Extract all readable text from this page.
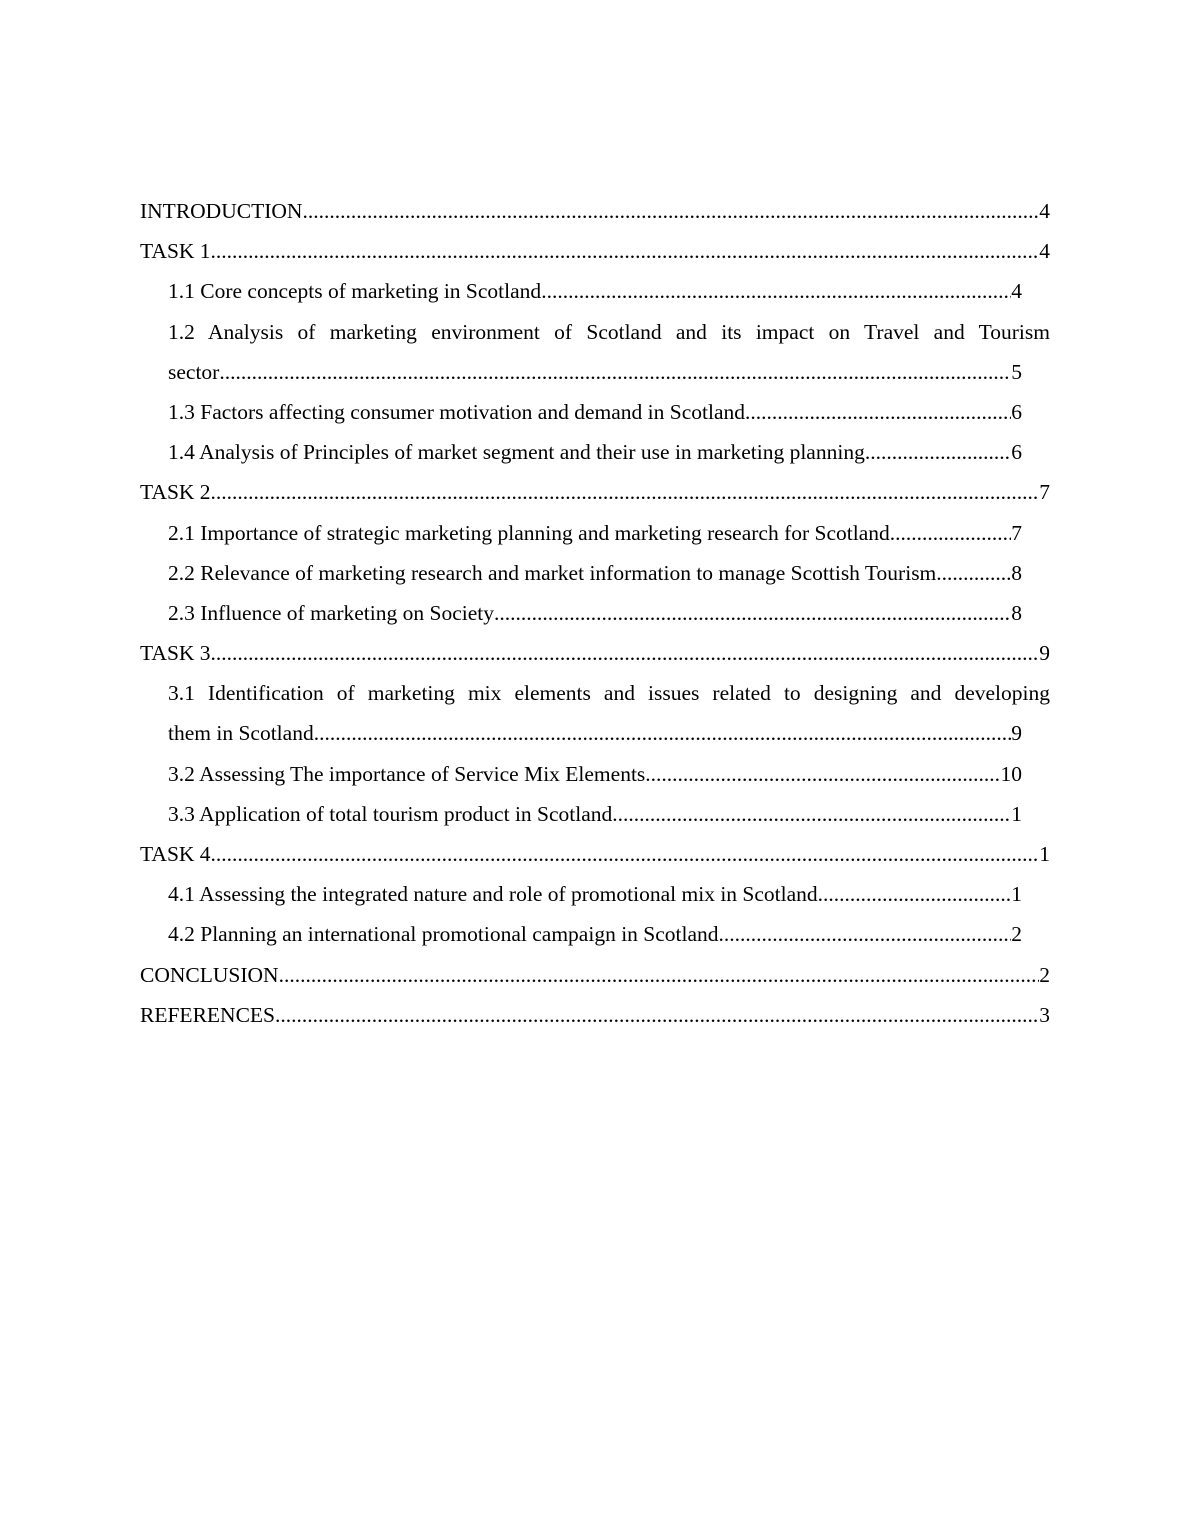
INTRODUCTION .....	4
TASK 1 .....	4
1.1 Core concepts of marketing in Scotland .....	4
1.2 Analysis of marketing environment of Scotland and its impact on Travel and Tourism
sector .....	5
1.3 Factors affecting consumer motivation and demand in Scotland .....	6
1.4 Analysis of Principles of market segment and their use in marketing planning .....	6
TASK 2 .....	7
2.1 Importance of strategic marketing planning and marketing research for Scotland .....	7
2.2 Relevance of marketing research and market information to manage Scottish Tourism. .....	8
2.3 Influence of marketing on Society .....	8
TASK 3 .....	9
3.1 Identification of marketing mix elements and issues related to designing and developing
them in Scotland .....	9
3.2 Assessing The importance of Service Mix Elements .....	10
3.3 Application of total tourism product in Scotland .....	1
TASK 4 .....	1
4.1 Assessing the integrated nature and role of promotional mix in Scotland .....	1
4.2 Planning an international promotional campaign in Scotland .....	2
CONCLUSION .....	2
REFERENCES .....	3
